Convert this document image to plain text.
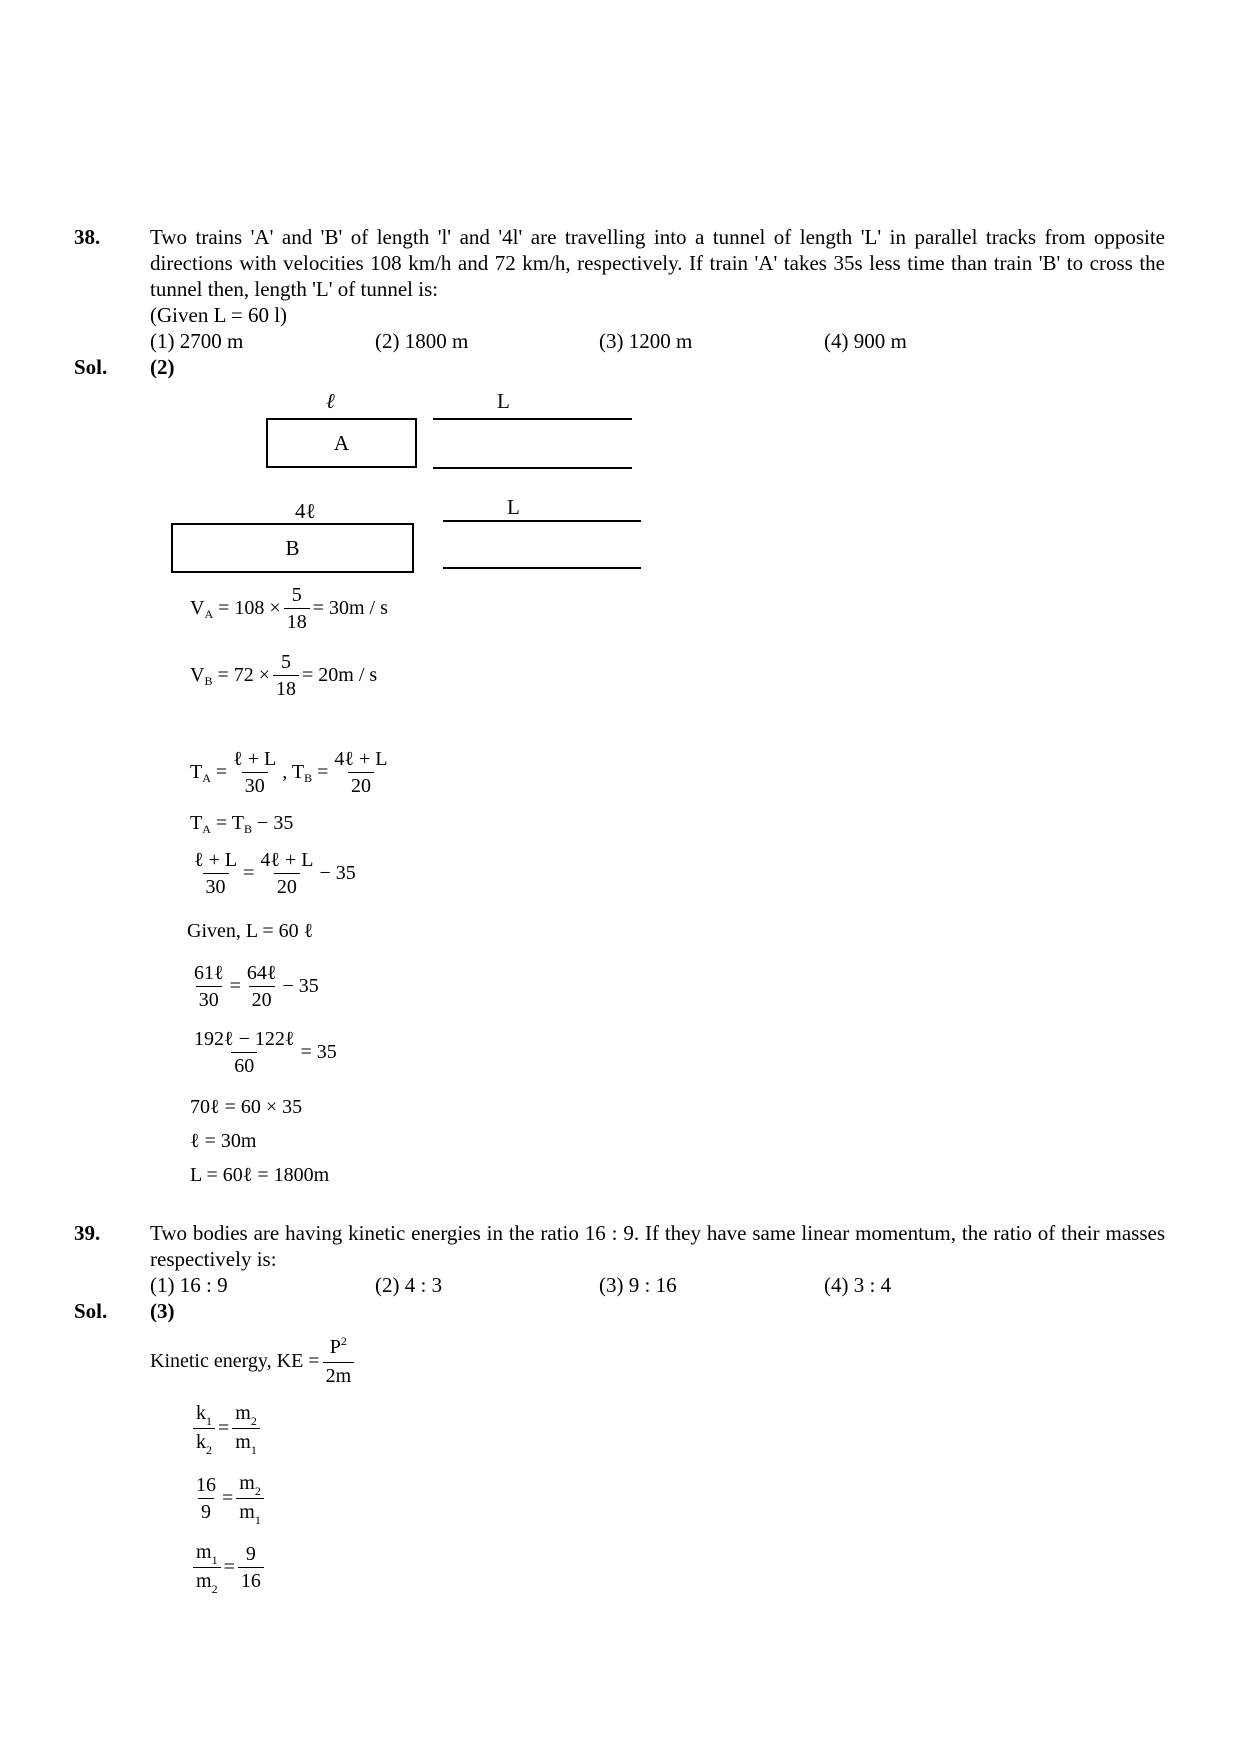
38. Two trains 'A' and 'B' of length 'l' and '4l' are travelling into a tunnel of length 'L' in parallel tracks from opposite directions with velocities 108 km/h and 72 km/h, respectively. If train 'A' takes 35s less time than train 'B' to cross the tunnel then, length 'L' of tunnel is:
(Given L = 60 l)
(1) 2700 m	(2) 1800 m	(3) 1200 m	(4) 900 m
Sol. (2)
ℓ	L
A
4ℓ	L
B
V A
= $108 \times \frac{5}{18} = 30m / s$
V B
= $72 \times \frac{5}{18} = 20m / s$
T $A = \frac{\text{ℓ + L}}{30}$ , T $B = \frac{\text{4ℓ + L}}{20}$
T A
= T B
− 35
$\frac{\text{ℓ + L}}{30} = \frac{\text{4ℓ + L}}{20} - 35$
Given, L = 60 ℓ
$\frac{\text{61ℓ}}{30} = \frac{\text{64ℓ}}{20} - 35$
$\frac{\text{192ℓ − 122ℓ}}{60} = 35$
70ℓ = 60 × 35
ℓ = 30m
L = 60ℓ = 1800m
39. Two bodies are having kinetic energies in the ratio 16 : 9. If they have same linear momentum, the ratio of their masses respectively is:
(1) 16 : 9	(2) 4 : 3	(3) 9 : 16	(4) 3 : 4
Sol. (3)
Kinetic energy, KE = $\frac{P^2}{2m}$
$\frac{k_1}{k_2} = \frac{m_2}{m_1}$
$\frac{16}{9} = \frac{m_2}{m_1}$
$\frac{m_1}{m_2} = \frac{9}{16}$
